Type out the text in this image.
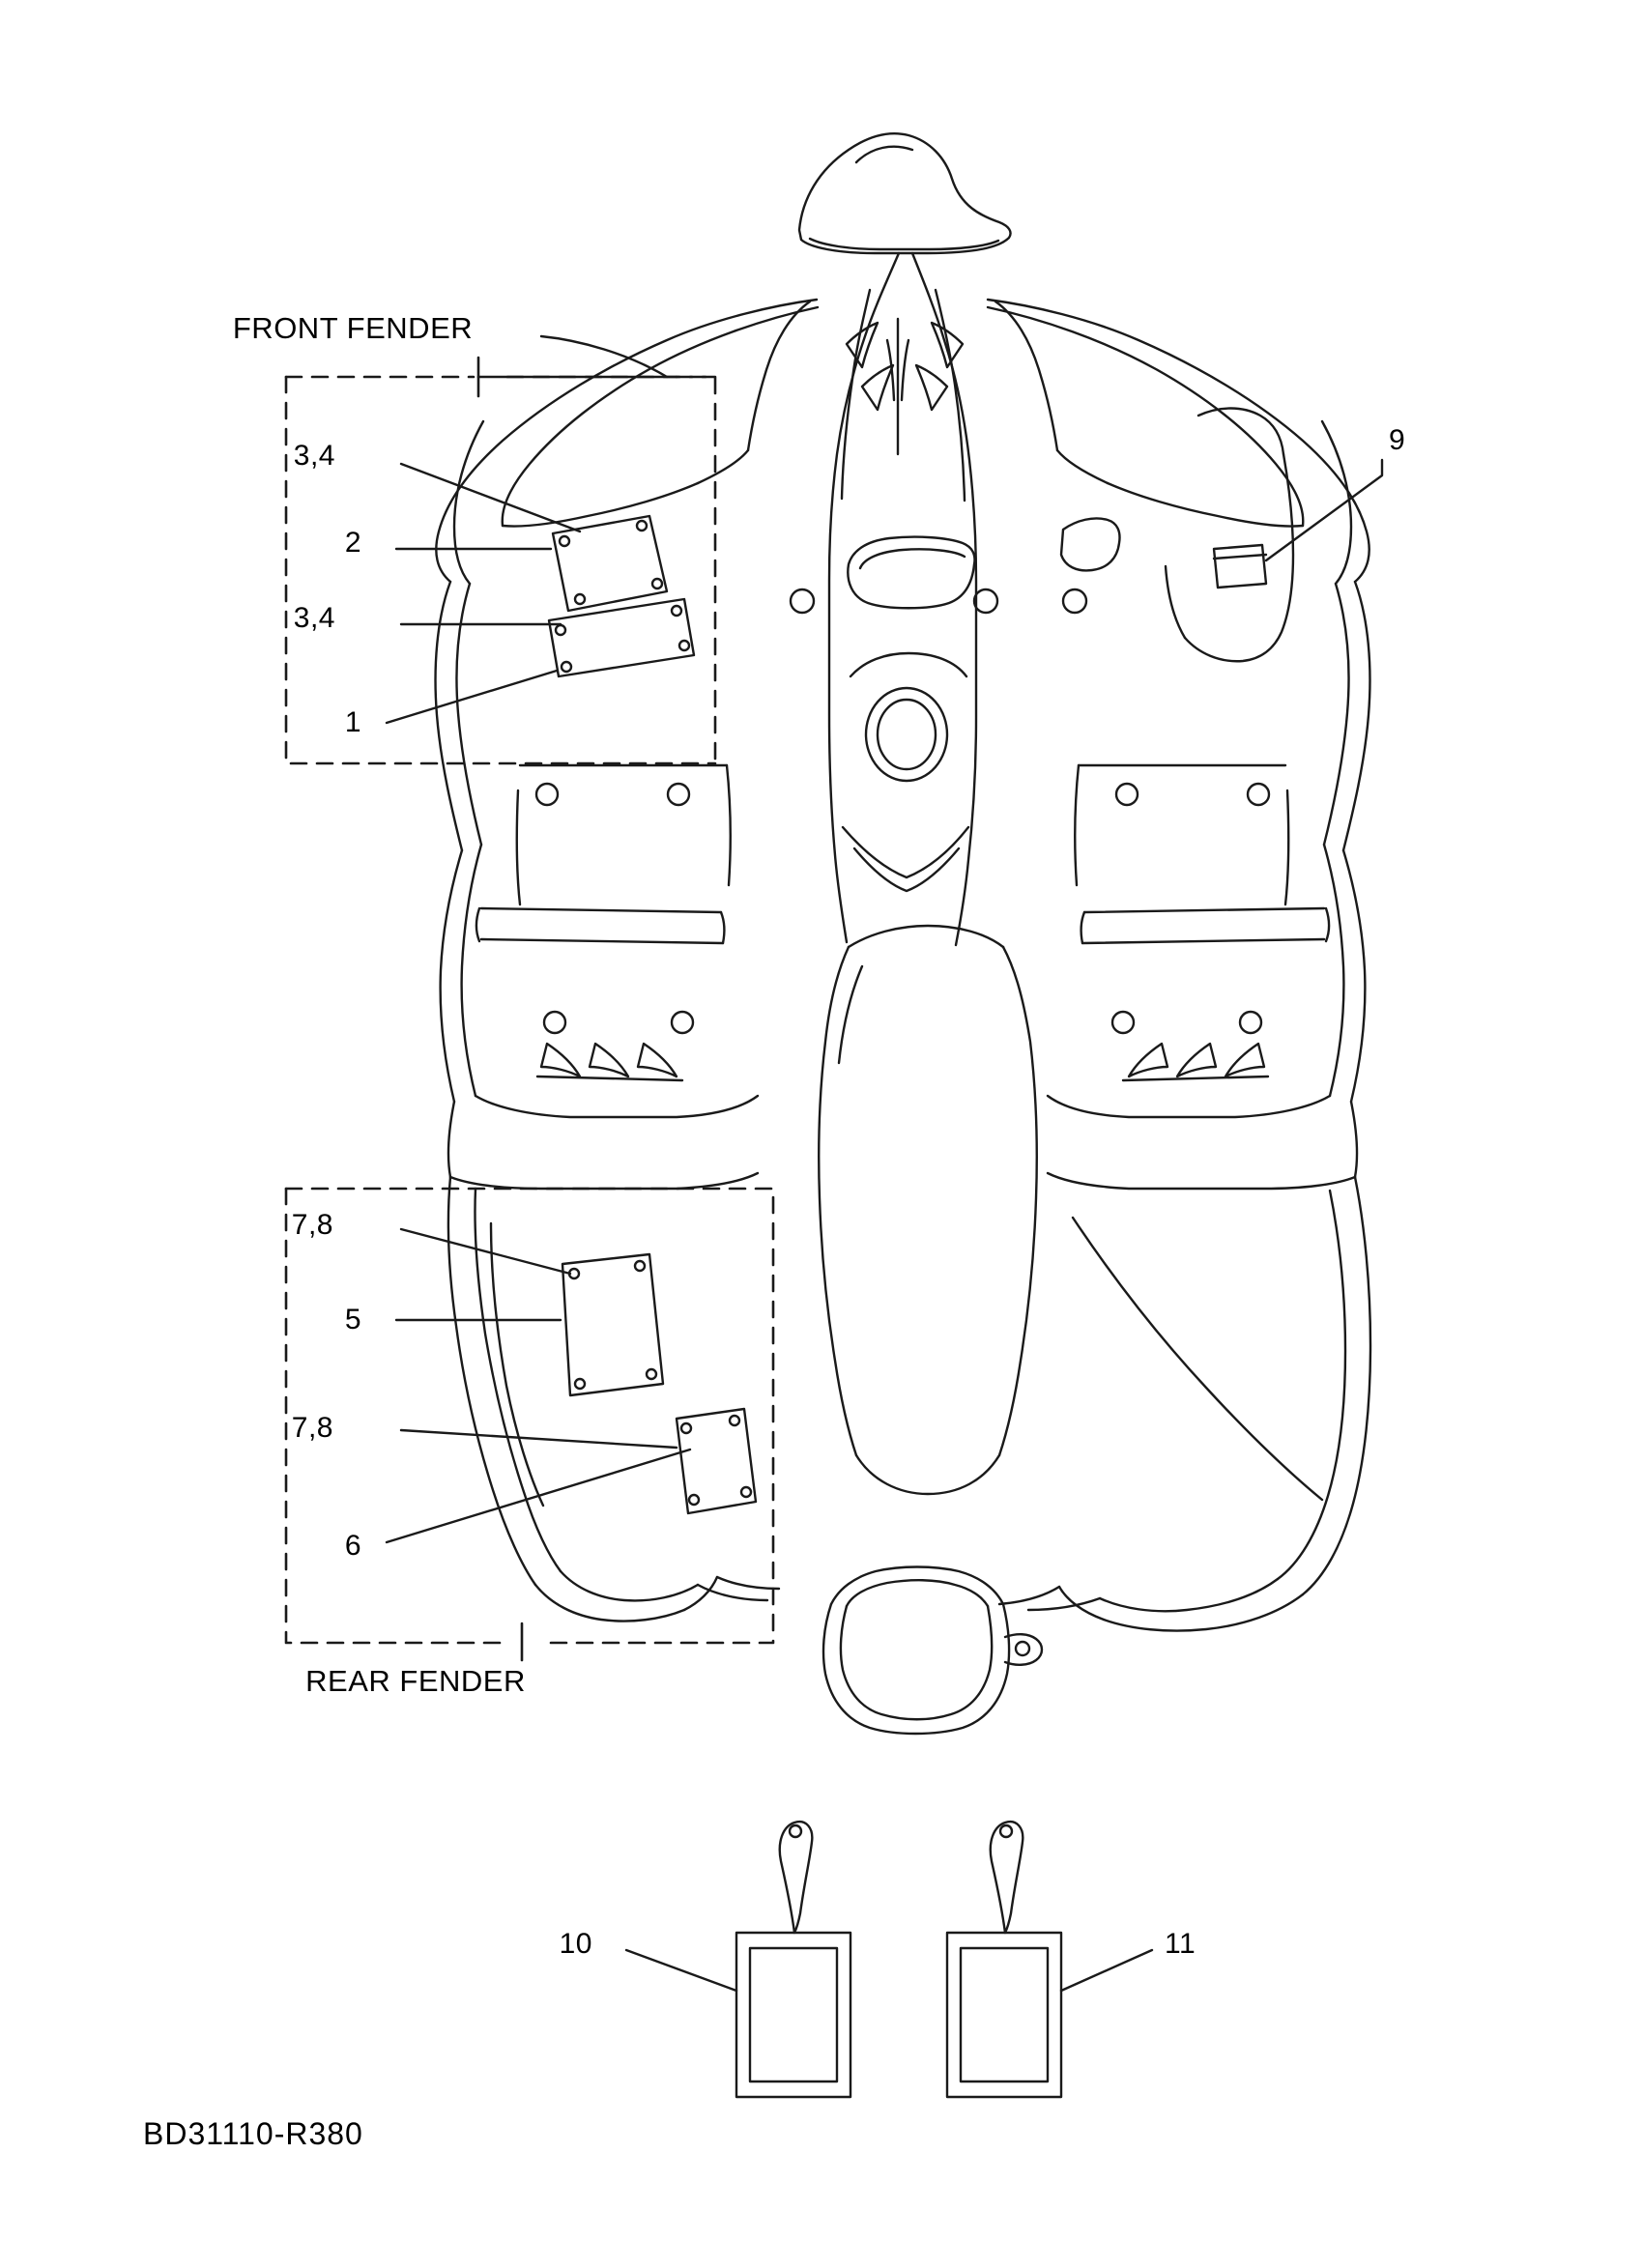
FRONT FENDER
REAR FENDER
3,4
2
3,4
1
9
7,8
5
7,8
6
10	11
BD31110-R380
